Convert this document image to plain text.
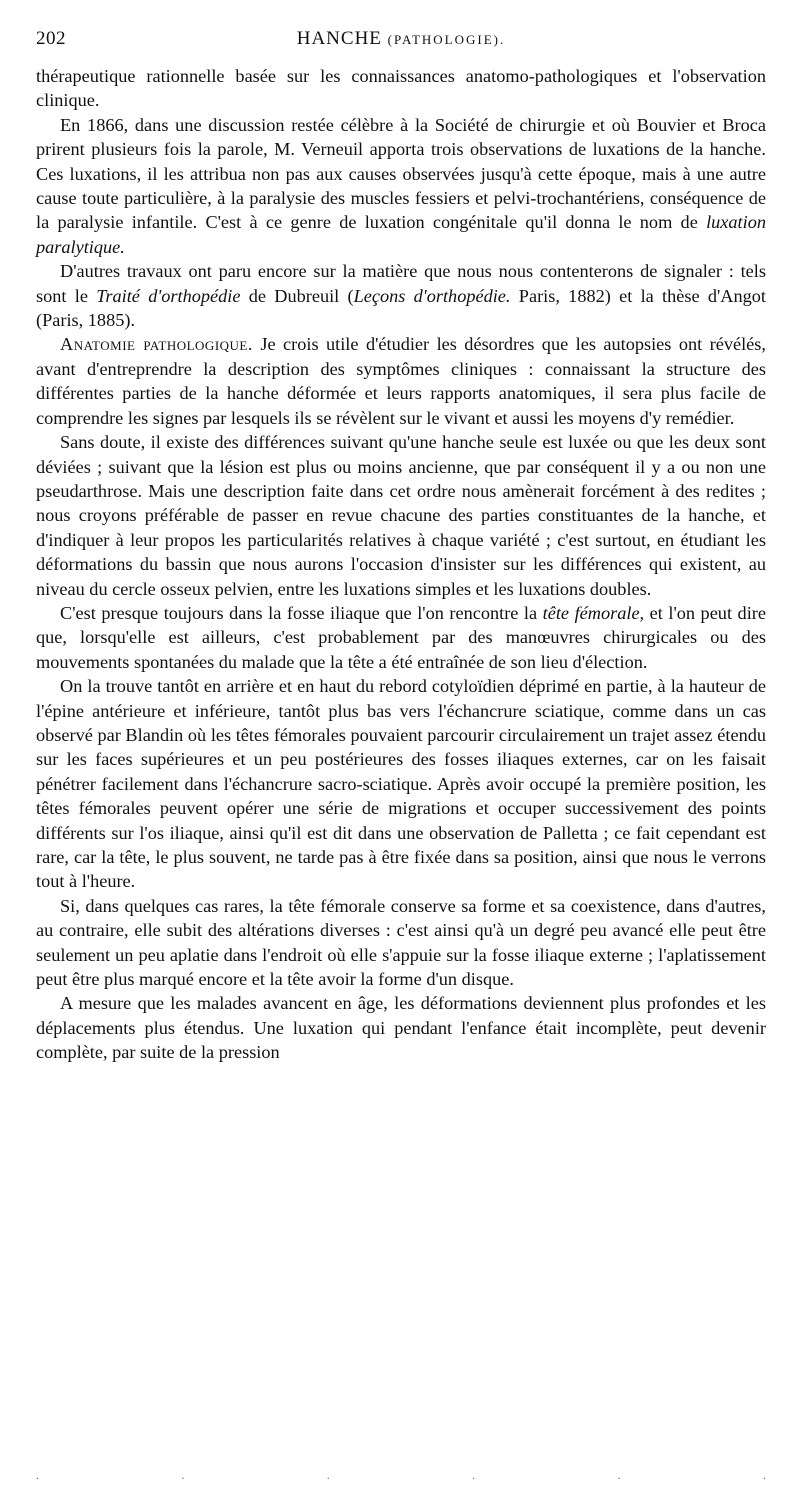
202	HANCHE (PATHOLOGIE).

thérapeutique rationnelle basée sur les connaissances anatomo-pathologiques et l'observation clinique.

En 1866, dans une discussion restée célèbre à la Société de chirurgie et où Bouvier et Broca prirent plusieurs fois la parole, M. Verneuil apporta trois observations de luxations de la hanche. Ces luxations, il les attribua non pas aux causes observées jusqu'à cette époque, mais à une autre cause toute particulière, à la paralysie des muscles fessiers et pelvi-trochantériens, conséquence de la paralysie infantile. C'est à ce genre de luxation congénitale qu'il donna le nom de luxation paralytique.

D'autres travaux ont paru encore sur la matière que nous nous contenterons de signaler : tels sont le Traité d'orthopédie de Dubreuil (Leçons d'orthopédie. Paris, 1882) et la thèse d'Angot (Paris, 1885).

Anatomie pathologique. Je crois utile d'étudier les désordres que les autopsies ont révélés, avant d'entreprendre la description des symptômes cliniques : connaissant la structure des différentes parties de la hanche déformée et leurs rapports anatomiques, il sera plus facile de comprendre les signes par lesquels ils se révèlent sur le vivant et aussi les moyens d'y remédier.

Sans doute, il existe des différences suivant qu'une hanche seule est luxée ou que les deux sont déviées ; suivant que la lésion est plus ou moins ancienne, que par conséquent il y a ou non une pseudarthrose. Mais une description faite dans cet ordre nous amènerait forcément à des redites ; nous croyons préférable de passer en revue chacune des parties constituantes de la hanche, et d'indiquer à leur propos les particularités relatives à chaque variété ; c'est surtout, en étudiant les déformations du bassin que nous aurons l'occasion d'insister sur les différences qui existent, au niveau du cercle osseux pelvien, entre les luxations simples et les luxations doubles.

C'est presque toujours dans la fosse iliaque que l'on rencontre la tête fémorale, et l'on peut dire que, lorsqu'elle est ailleurs, c'est probablement par des manœuvres chirurgicales ou des mouvements spontanées du malade que la tête a été entraînée de son lieu d'élection.

On la trouve tantôt en arrière et en haut du rebord cotyloïdien déprimé en partie, à la hauteur de l'épine antérieure et inférieure, tantôt plus bas vers l'échancrure sciatique, comme dans un cas observé par Blandin où les têtes fémorales pouvaient parcourir circulairement un trajet assez étendu sur les faces supérieures et un peu postérieures des fosses iliaques externes, car on les faisait pénétrer facilement dans l'échancrure sacro-sciatique. Après avoir occupé la première position, les têtes fémorales peuvent opérer une série de migrations et occuper successivement des points différents sur l'os iliaque, ainsi qu'il est dit dans une observation de Palletta ; ce fait cependant est rare, car la tête, le plus souvent, ne tarde pas à être fixée dans sa position, ainsi que nous le verrons tout à l'heure.

Si, dans quelques cas rares, la tête fémorale conserve sa forme et sa coexistence, dans d'autres, au contraire, elle subit des altérations diverses : c'est ainsi qu'à un degré peu avancé elle peut être seulement un peu aplatie dans l'endroit où elle s'appuie sur la fosse iliaque externe ; l'aplatissement peut être plus marqué encore et la tête avoir la forme d'un disque.

A mesure que les malades avancent en âge, les déformations deviennent plus profondes et les déplacements plus étendus. Une luxation qui pendant l'enfance était incomplète, peut devenir complète, par suite de la pression

.	.	.	.	.	.
